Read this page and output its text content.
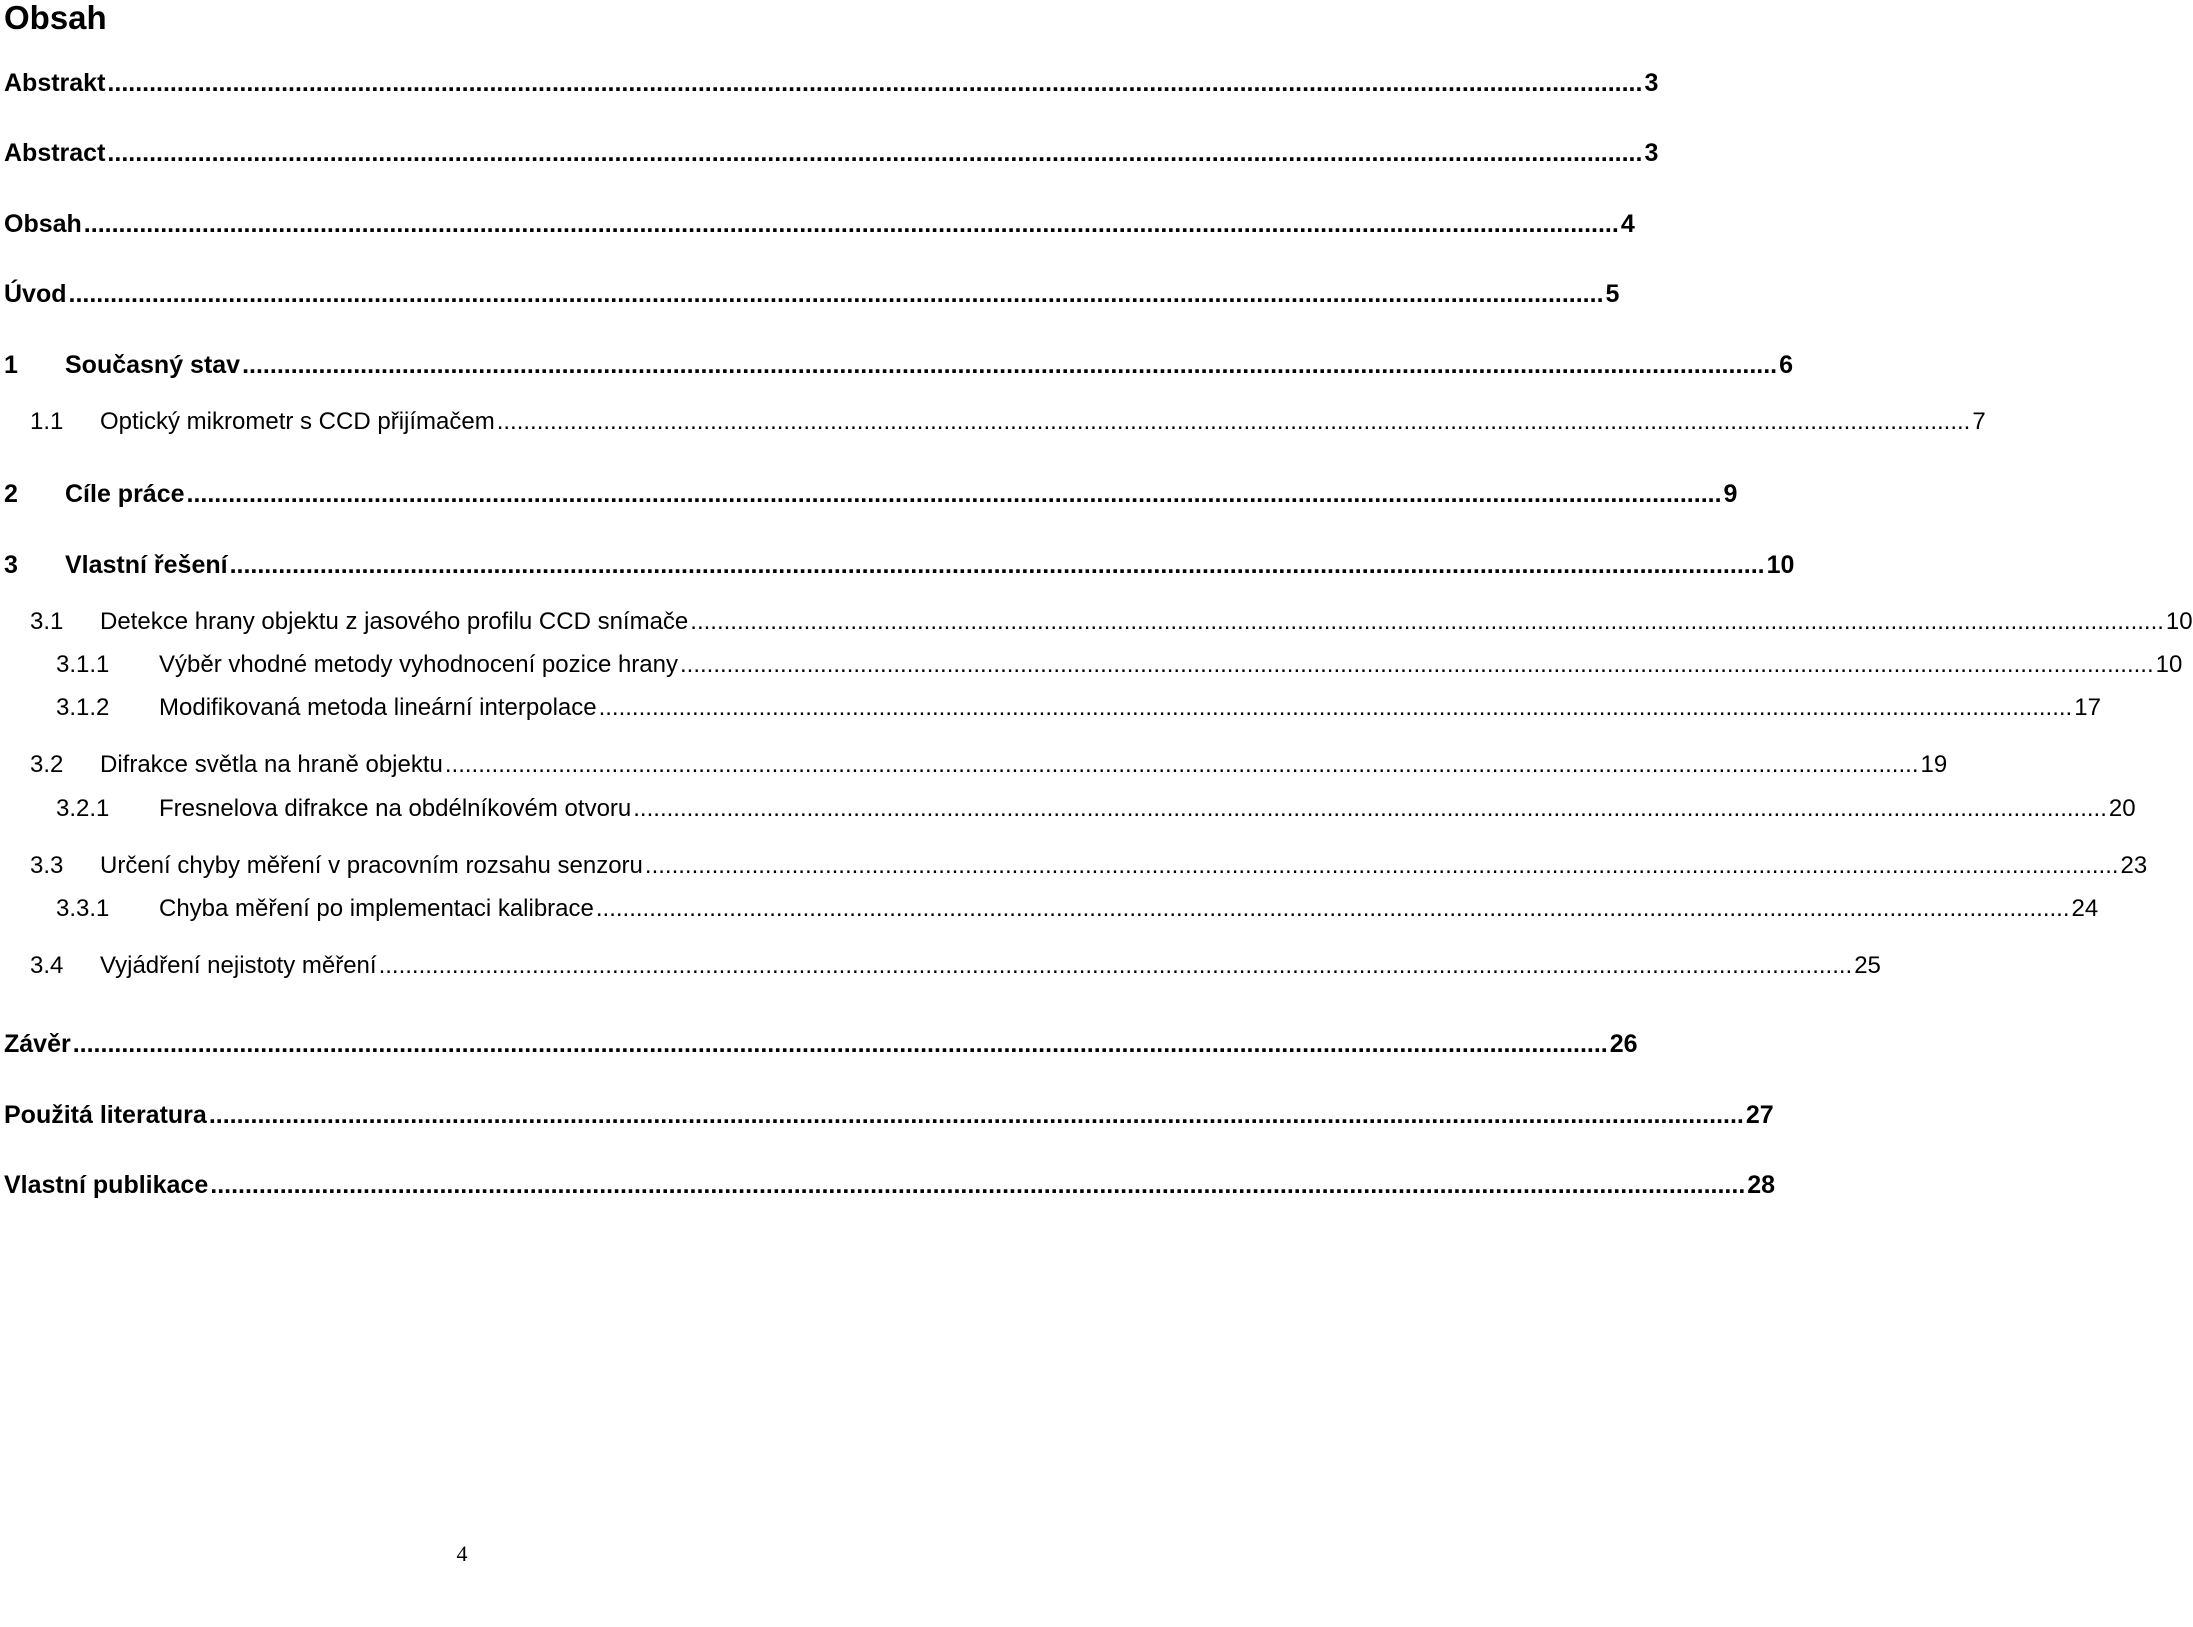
Obsah
Abstrakt .....	3
Abstract .....	3
Obsah .....	4
Úvod .....	5
1	Současný stav .....	6
1.1	Optický mikrometr s CCD přijímačem .....	7
2	Cíle práce .....	9
3	Vlastní řešení .....	10
3.1	Detekce hrany objektu z jasového profilu CCD snímače .....	10
3.1.1	Výběr vhodné metody vyhodnocení pozice hrany .....	10
3.1.2	Modifikovaná metoda lineární interpolace .....	17
3.2	Difrakce světla na hraně objektu .....	19
3.2.1	Fresnelova difrakce na obdélníkovém otvoru .....	20
3.3	Určení chyby měření v pracovním rozsahu senzoru .....	23
3.3.1	Chyba měření po implementaci kalibrace .....	24
3.4	Vyjádření nejistoty měření .....	25
Závěr .....	26
Použitá literatura .....	27
Vlastní publikace .....	28
4
